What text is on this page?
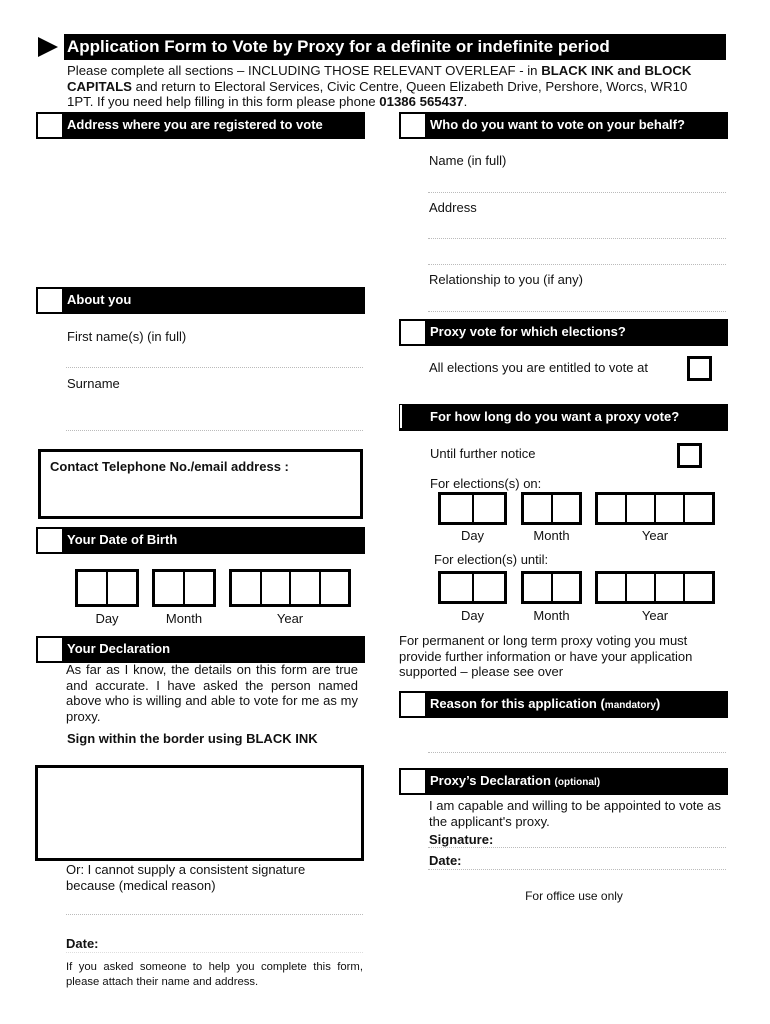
Application Form to Vote by Proxy for a definite or indefinite period
Please complete all sections – INCLUDING THOSE RELEVANT OVERLEAF - in BLACK INK and BLOCK CAPITALS and return to Electoral Services, Civic Centre, Queen Elizabeth Drive, Pershore, Worcs, WR10 1PT. If you need help filling in this form please phone 01386 565437.
Address where you are registered to vote
About you
First name(s) (in full)
Surname
Contact Telephone No./email address :
Your Date of Birth
Day	Month	Year
Your Declaration
As far as I know, the details on this form are true and accurate. I have asked the person named above who is willing and able to vote for me as my proxy.
Sign within the border using BLACK INK
Or: I cannot supply a consistent signature because (medical reason)
Date:
If you asked someone to help you complete this form, please attach their name and address.
Who do you want to vote on your behalf?
Name (in full)
Address
Relationship to you (if any)
Proxy vote for which elections?
All elections you are entitled to vote at
For how long do you want a proxy vote?
Until further notice
For elections(s) on:
Day	Month	Year
For election(s) until:
Day	Month	Year
For permanent or long term proxy voting you must provide further information or have your application supported – please see over
Reason for this application (mandatory)
Proxy’s Declaration (optional)
I am capable and willing to be appointed to vote as the applicant's proxy.
Signature:
Date:
For office use only
